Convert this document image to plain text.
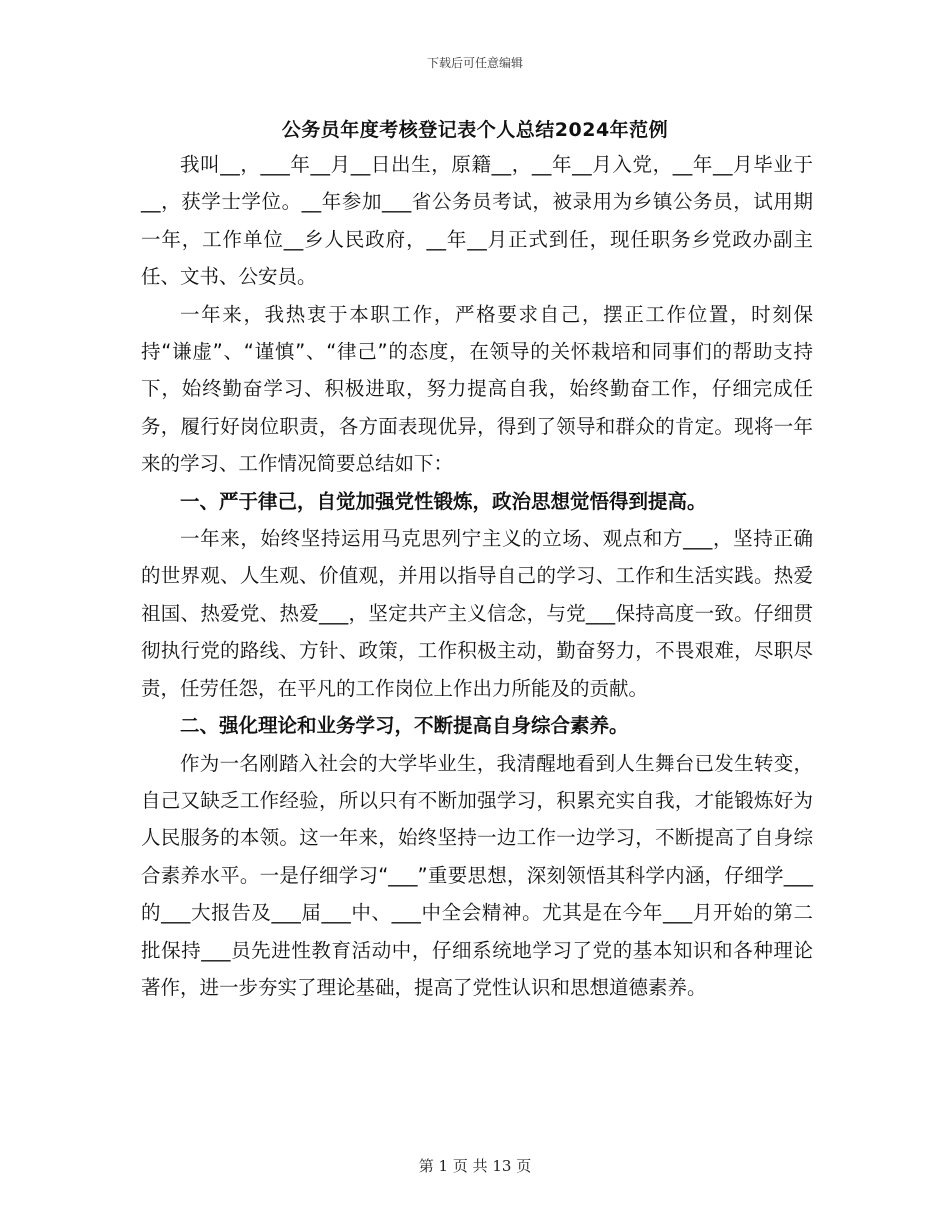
下载后可任意编辑
公务员年度考核登记表个人总结2024年范例

我叫__，___年__月__日出生，原籍__，__年__月入党，__年__月毕业于__，获学士学位。__年参加___省公务员考试，被录用为乡镇公务员，试用期一年，工作单位__乡人民政府，__年__月正式到任，现任职务乡党政办副主任、文书、公安员。

一年来，我热衷于本职工作，严格要求自己，摆正工作位置，时刻保持“谦虚”、“谨慎”、“律己”的态度，在领导的关怀栽培和同事们的帮助支持下，始终勤奋学习、积极进取，努力提高自我，始终勤奋工作，仔细完成任务，履行好岗位职责，各方面表现优异，得到了领导和群众的肯定。现将一年来的学习、工作情况简要总结如下：

一、严于律己，自觉加强党性锻炼，政治思想觉悟得到提高。

一年来，始终坚持运用马克思列宁主义的立场、观点和方___，坚持正确的世界观、人生观、价值观，并用以指导自己的学习、工作和生活实践。热爱祖国、热爱党、热爱___，坚定共产主义信念，与党___保持高度一致。仔细贯彻执行党的路线、方针、政策，工作积极主动，勤奋努力，不畏艰难，尽职尽责，任劳任怨，在平凡的工作岗位上作出力所能及的贡献。

二、强化理论和业务学习，不断提高自身综合素养。

作为一名刚踏入社会的大学毕业生，我清醒地看到人生舞台已发生转变，自己又缺乏工作经验，所以只有不断加强学习，积累充实自我，才能锻炼好为人民服务的本领。这一年来，始终坚持一边工作一边学习，不断提高了自身综合素养水平。一是仔细学习“___”重要思想，深刻领悟其科学内涵，仔细学___的___大报告及___届___中、___中全会精神。尤其是在今年___月开始的第二批保持___员先进性教育活动中，仔细系统地学习了党的基本知识和各种理论著作，进一步夯实了理论基础，提高了党性认识和思想道德素养。

第 1 页 共 13 页
